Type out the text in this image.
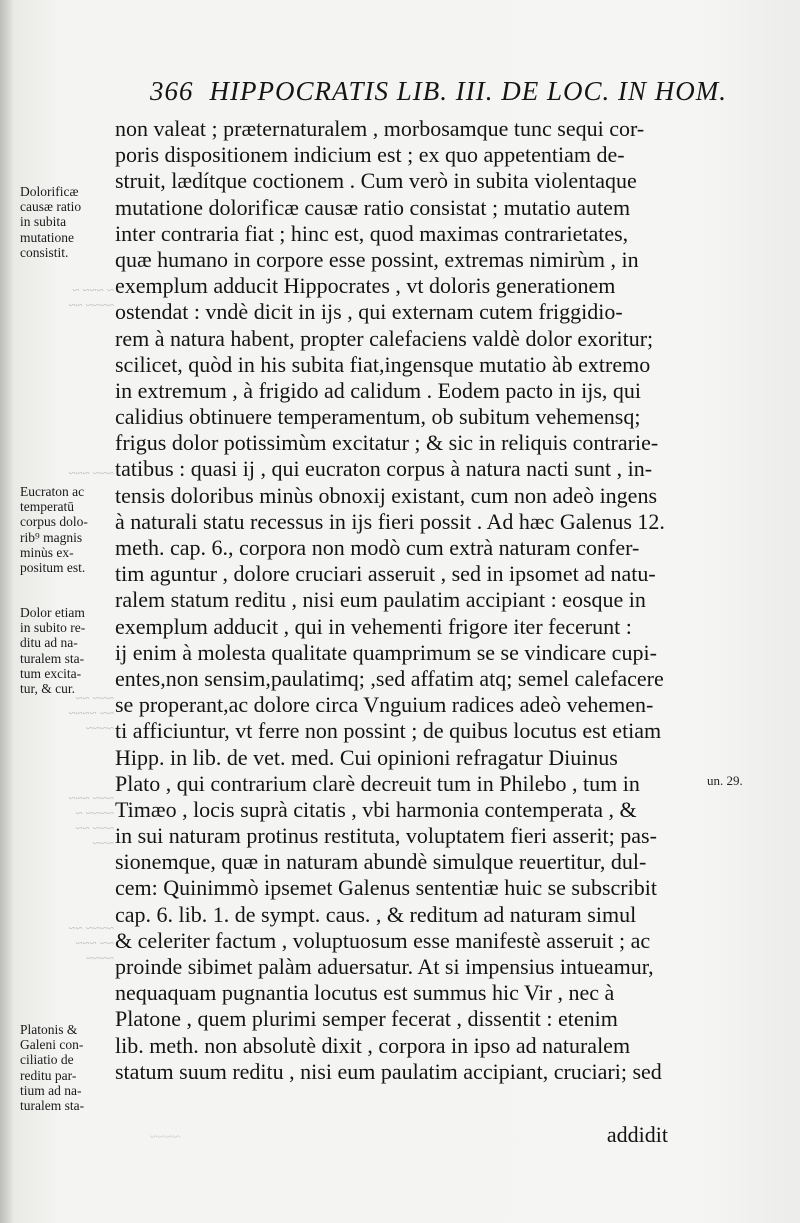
366 HIPPOCRATIS LIB. III. DE LOC. IN HOM.
~ ~~~ ~
~~~~ ~~
~~~ ~~~
~~~ ~~
~~ ~~~~
~~~~
~~~ ~~~
~~~~ ~
~~~ ~~
~~~
~~~~ ~~
~~ ~~~
~~~~
Dolorificæ
causæ ratio
in subita
mutatione
consistit.
Eucraton ac
temperatū
corpus dolo-
rib⁹ magnis
minùs ex-
positum est.
Dolor etiam
in subito re-
ditu ad na-
turalem sta-
tum excita-
tur, & cur.
Platonis &
Galeni con-
ciliatio de
reditu par-
tium ad na-
turalem sta-
non valeat ; præternaturalem , morbosamque tunc sequi cor-
poris dispositionem indicium est ; ex quo appetentiam de-
struit, lædítque coctionem . Cum verò in subita violentaque
mutatione dolorificæ causæ ratio consistat ; mutatio autem
inter contraria fiat ; hinc est, quod maximas contrarietates,
quæ humano in corpore esse possint, extremas nimirùm , in
exemplum adducit Hippocrates , vt doloris generationem
ostendat : vndè dicit in ijs , qui externam cutem friggidio-
rem à natura habent, propter calefaciens valdè dolor exoritur;
scilicet, quòd in his subita fiat,ingensque mutatio àb extremo
in extremum , à frigido ad calidum . Eodem pacto in ijs, qui
calidius obtinuere temperamentum, ob subitum vehemensq;
frigus dolor potissimùm excitatur ; & sic in reliquis contrarie-
tatibus : quasi ij , qui eucraton corpus à natura nacti sunt , in-
tensis doloribus minùs obnoxij existant, cum non adeò ingens
à naturali statu recessus in ijs fieri possit . Ad hæc Galenus 12.
meth. cap. 6., corpora non modò cum extrà naturam confer-
tim aguntur , dolore cruciari asseruit , sed in ipsomet ad natu-
ralem statum reditu , nisi eum paulatim accipiant : eosque in
exemplum adducit , qui in vehementi frigore iter fecerunt :
ij enim à molesta qualitate quamprimum se se vindicare cupi-
entes,non sensim,paulatimq; ,sed affatim atq; semel calefacere
se properant,ac dolore circa Vnguium radices adeò vehemen-
ti afficiuntur, vt ferre non possint ; de quibus locutus est etiam
Hipp. in lib. de vet. med. Cui opinioni refragatur Diuinus
Plato , qui contrarium clarè decreuit tum in Philebo , tum in
Timæo , locis suprà citatis , vbi harmonia contemperata , &
in sui naturam protinus restituta, voluptatem fieri asserit; pas-
sionemque, quæ in naturam abundè simulque reuertitur, dul-
cem: Quinimmò ipsemet Galenus sententiæ huic se subscribit
cap. 6. lib. 1. de sympt. caus. , & reditum ad naturam simul
& celeriter factum , voluptuosum esse manifestè asseruit ; ac
proinde sibimet palàm aduersatur. At si impensius intueamur,
nequaquam pugnantia locutus est summus hic Vir , nec à
Platone , quem plurimi semper fecerat , dissentit : etenim
lib. meth. non absolutè dixit , corpora in ipso ad naturalem
statum suum reditu , nisi eum paulatim accipiant, cruciari; sed
un. 29.
addidit
~~~~
